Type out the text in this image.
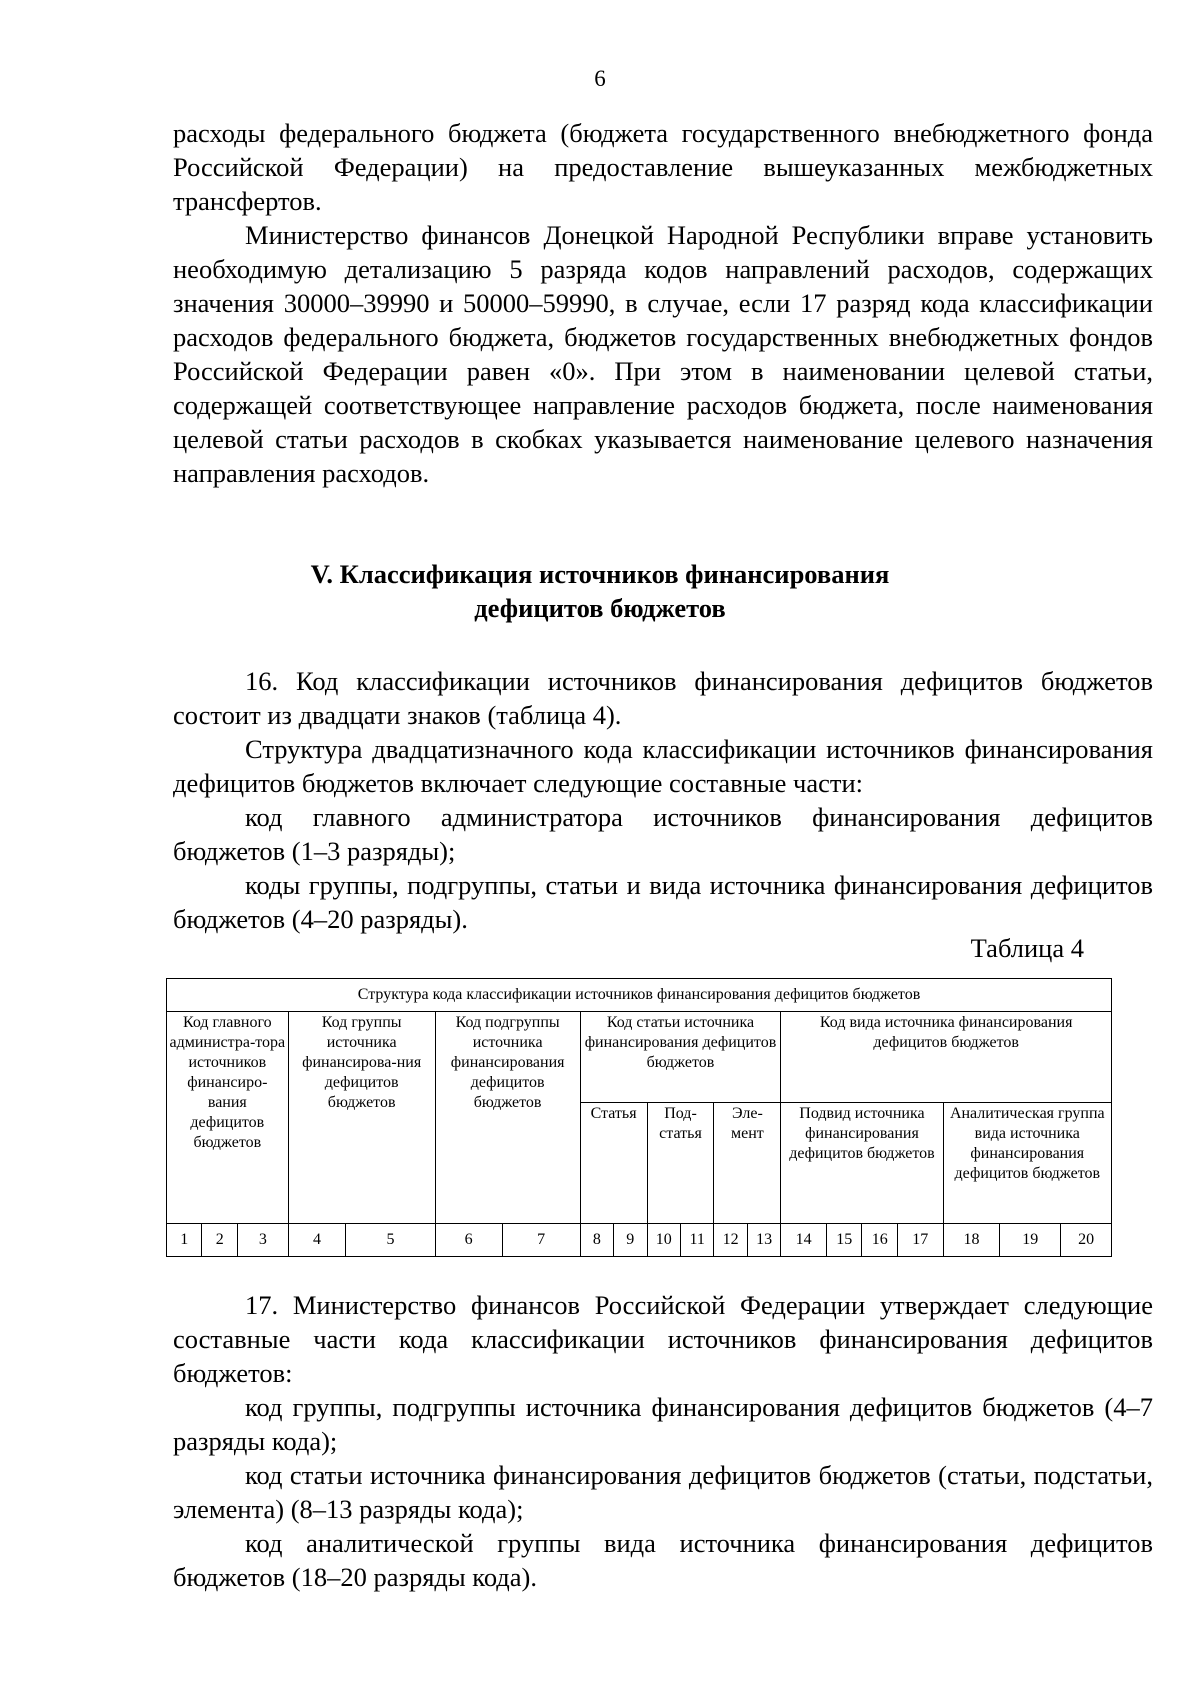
6

расходы федерального бюджета (бюджета государственного внебюджетного фонда Российской Федерации) на предоставление вышеуказанных межбюджетных трансфертов.

Министерство финансов Донецкой Народной Республики вправе установить необходимую детализацию 5 разряда кодов направлений расходов, содержащих значения 30000–39990 и 50000–59990, в случае, если 17 разряд кода классификации расходов федерального бюджета, бюджетов государственных внебюджетных фондов Российской Федерации равен «0». При этом в наименовании целевой статьи, содержащей соответствующее направление расходов бюджета, после наименования целевой статьи расходов в скобках указывается наименование целевого назначения направления расходов.

V. Классификация источников финансирования
дефицитов бюджетов

16. Код классификации источников финансирования дефицитов бюджетов состоит из двадцати знаков (таблица 4).

Структура двадцатизначного кода классификации источников финансирования дефицитов бюджетов включает следующие составные части:

код главного администратора источников финансирования дефицитов бюджетов (1–3 разряды);

коды группы, подгруппы, статьи и вида источника финансирования дефицитов бюджетов (4–20 разряды).

Таблица 4
Структура кода классификации источников финансирования дефицитов бюджетов																			
Код главного администра-тора источников финансиро-вания дефицитов бюджетов			Код группы источника финансирова-ния дефицитов бюджетов		Код подгруппы источника финансирования дефицитов бюджетов		Код статьи источника финансирования дефицитов бюджетов						Код вида источника финансирования дефицитов бюджетов						
							Статья		Под-статья		Эле-мент		Подвид источника финансирования дефицитов бюджетов				Аналитическая группа вида источника финансирования дефицитов бюджетов		
1	2	3	4	5	6	7	8	9	10	11	12	13	14	15	16	17	18	19	20

17. Министерство финансов Российской Федерации утверждает следующие составные части кода классификации источников финансирования дефицитов бюджетов:

код группы, подгруппы источника финансирования дефицитов бюджетов (4–7 разряды кода);

код статьи источника финансирования дефицитов бюджетов (статьи, подстатьи, элемента) (8–13 разряды кода);

код аналитической группы вида источника финансирования дефицитов бюджетов (18–20 разряды кода).
